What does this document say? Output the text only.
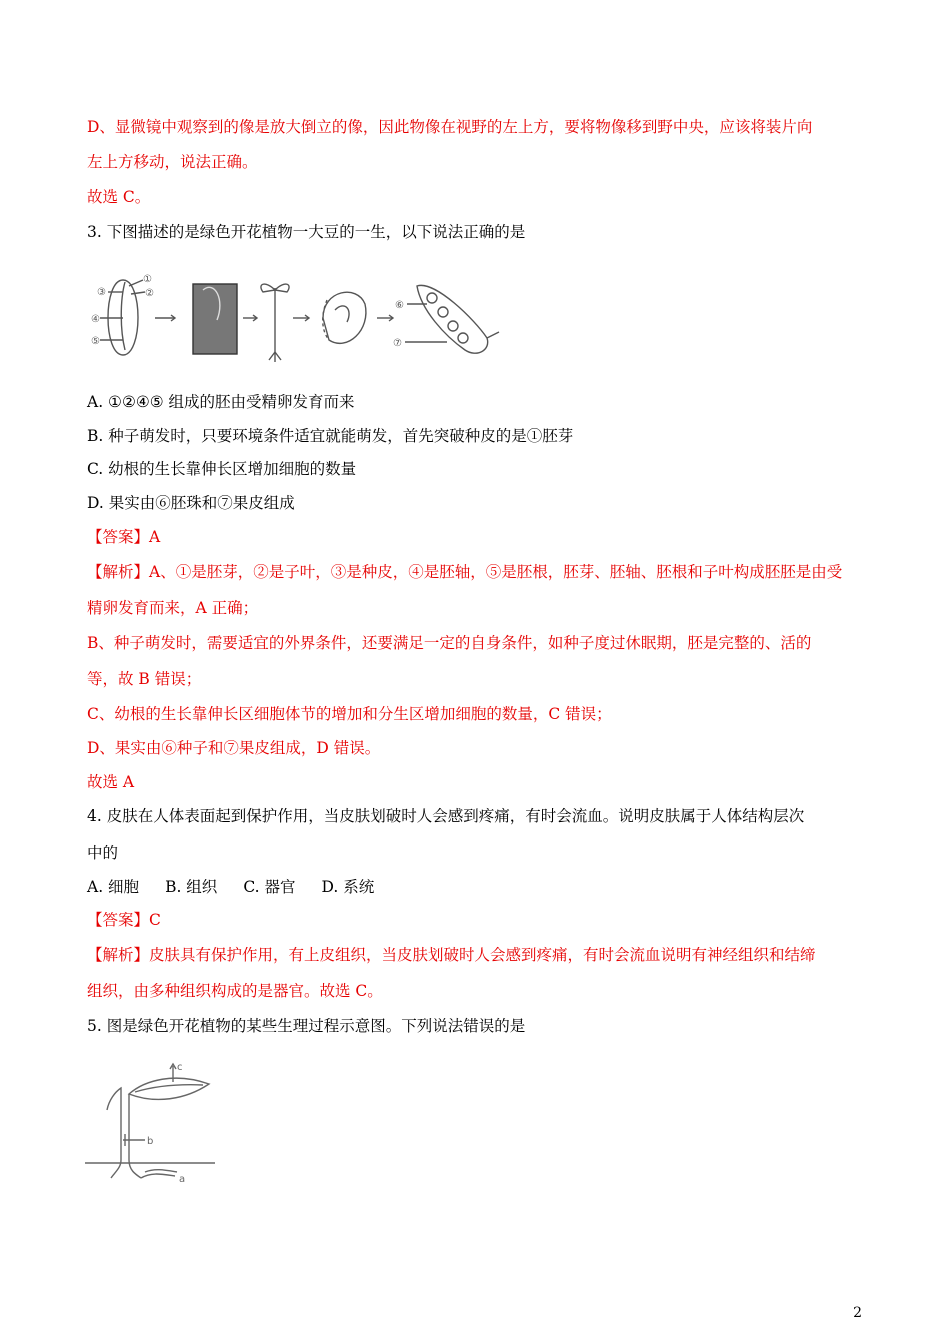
D、显微镜中观察到的像是放大倒立的像，因此物像在视野的左上方，要将物像移到野中央，应该将装片向
左上方移动，说法正确。
故选 C。
3. 下图描述的是绿色开花植物一大豆的一生，以下说法正确的是
①
②
③
④
⑤
⑥
⑦
A. ①②④⑤ 组成的胚由受精卵发育而来
B. 种子萌发时，只要环境条件适宜就能萌发，首先突破种皮的是①胚芽
C. 幼根的生长靠伸长区增加细胞的数量
D. 果实由⑥胚珠和⑦果皮组成
【答案】A
【解析】A、①是胚芽，②是子叶，③是种皮，④是胚轴，⑤是胚根，胚芽、胚轴、胚根和子叶构成胚胚是由受
精卵发育而来，A 正确；
B、种子萌发时，需要适宜的外界条件，还要满足一定的自身条件，如种子度过休眠期，胚是完整的、活的
等，故 B 错误；
C、幼根的生长靠伸长区细胞体节的增加和分生区增加细胞的数量，C 错误；
D、果实由⑥种子和⑦果皮组成，D 错误。
故选 A
4. 皮肤在人体表面起到保护作用，当皮肤划破时人会感到疼痛，有时会流血。说明皮肤属于人体结构层次
中的
A. 细胞 B. 组织 C. 器官 D. 系统
【答案】C
【解析】皮肤具有保护作用，有上皮组织，当皮肤划破时人会感到疼痛，有时会流血说明有神经组织和结缔
组织，由多种组织构成的是器官。故选 C。
5. 图是绿色开花植物的某些生理过程示意图。下列说法错误的是
c
b
a
2
